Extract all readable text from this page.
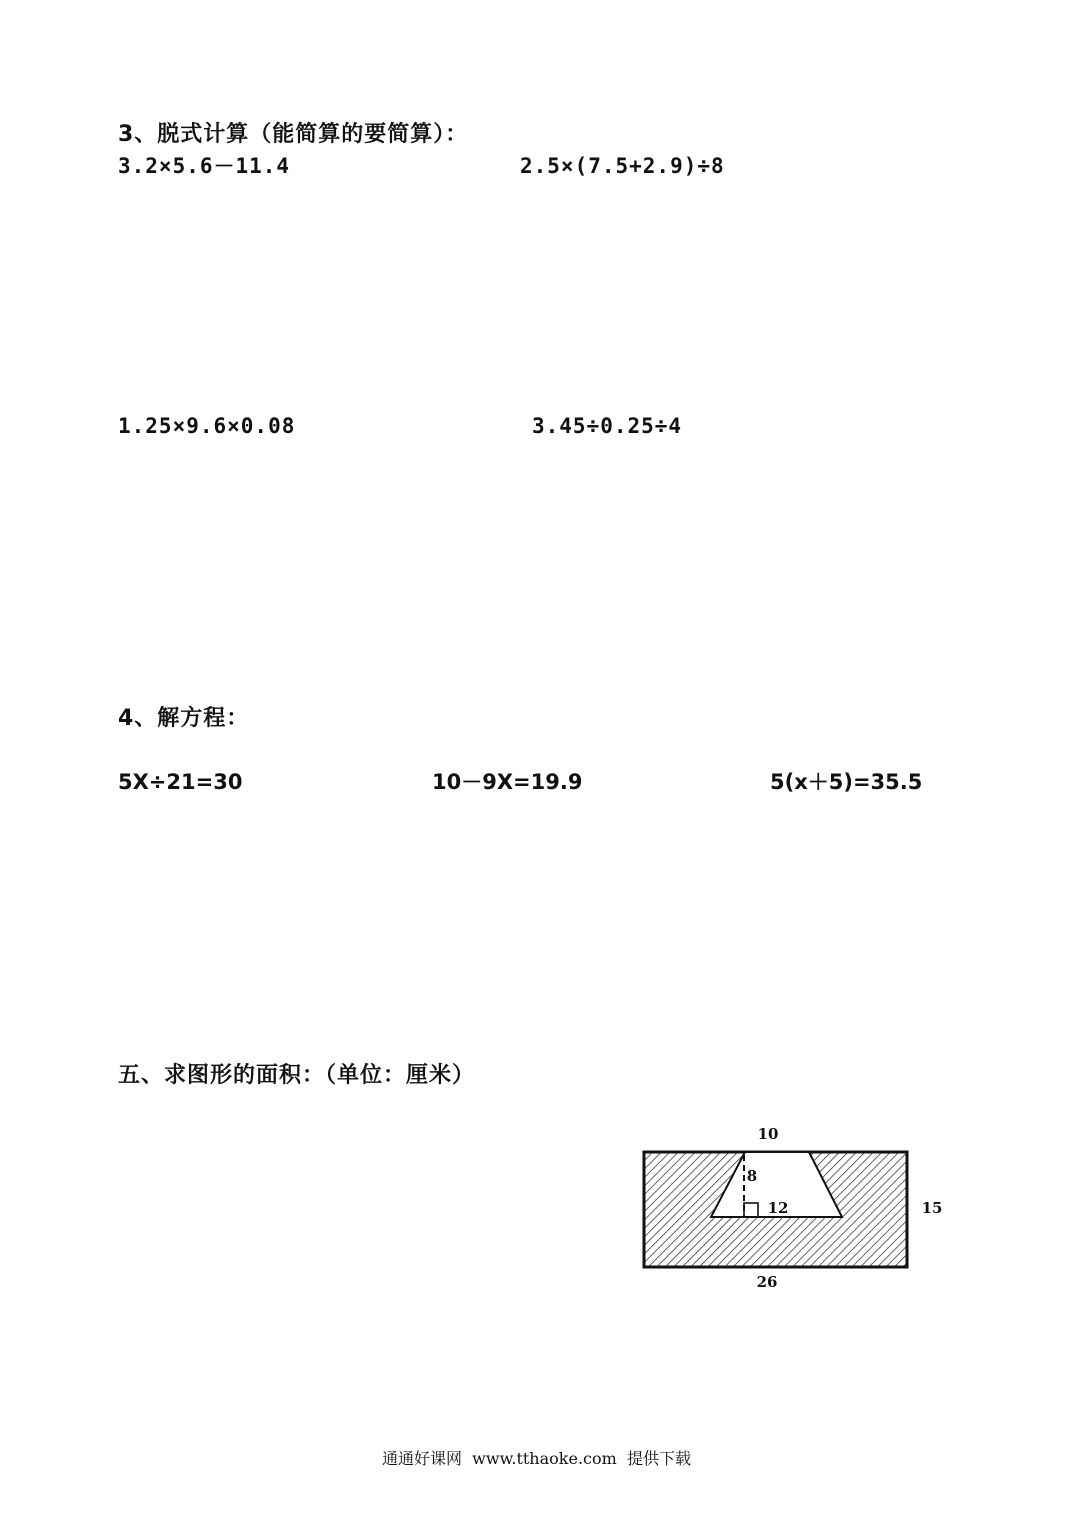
3、脱式计算（能简算的要简算）：
3.2×5.6－11.4	2.5×(7.5+2.9)÷8
1.25×9.6×0.08	3.45÷0.25÷4
4、解方程：
5X÷21=30	10－9X=19.9	5(x＋5)=35.5
五、求图形的面积：（单位：厘米）
10
8
12	15
26
通通好课网  www.tthaoke.com  提供下载
